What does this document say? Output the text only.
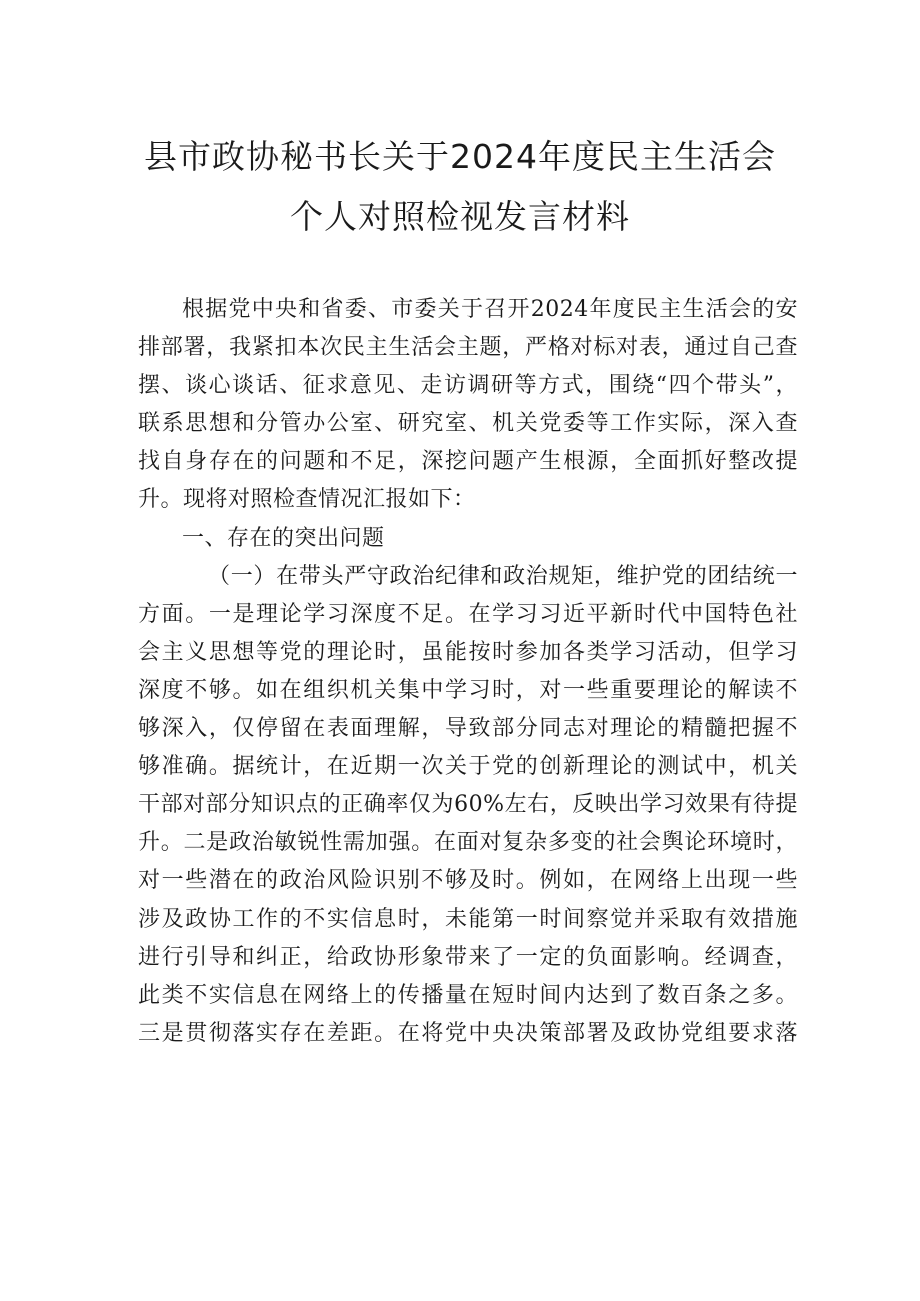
县市政协秘书长关于2024年度民主生活会
个人对照检视发言材料
根据党中央和省委、市委关于召开2024年度民主生活会的安
排部署，我紧扣本次民主生活会主题，严格对标对表，通过自己查
摆、谈心谈话、征求意见、走访调研等方式，围绕“四个带头”，
联系思想和分管办公室、研究室、机关党委等工作实际，深入查
找自身存在的问题和不足，深挖问题产生根源，全面抓好整改提
升。现将对照检查情况汇报如下：
一、存在的突出问题
（一）在带头严守政治纪律和政治规矩，维护党的团结统一
方面。一是理论学习深度不足。在学习习近平新时代中国特色社
会主义思想等党的理论时，虽能按时参加各类学习活动，但学习
深度不够。如在组织机关集中学习时，对一些重要理论的解读不
够深入，仅停留在表面理解，导致部分同志对理论的精髓把握不
够准确。据统计，在近期一次关于党的创新理论的测试中，机关
干部对部分知识点的正确率仅为60%左右，反映出学习效果有待提
升。二是政治敏锐性需加强。在面对复杂多变的社会舆论环境时，
对一些潜在的政治风险识别不够及时。例如，在网络上出现一些
涉及政协工作的不实信息时，未能第一时间察觉并采取有效措施
进行引导和纠正，给政协形象带来了一定的负面影响。经调查，
此类不实信息在网络上的传播量在短时间内达到了数百条之多。
三是贯彻落实存在差距。在将党中央决策部署及政协党组要求落
